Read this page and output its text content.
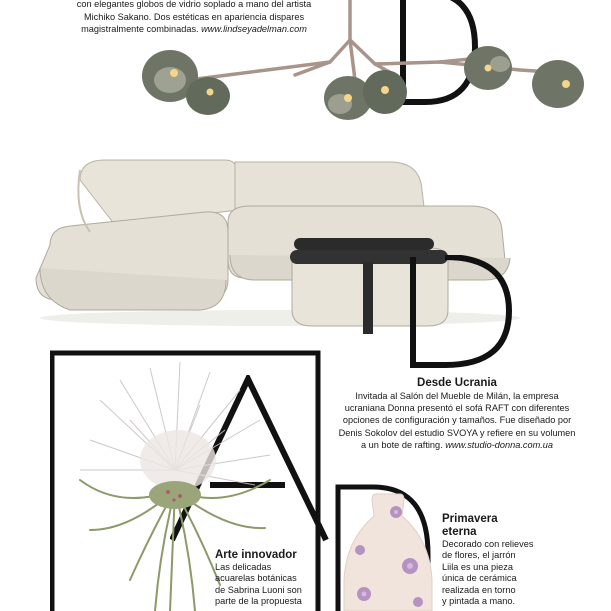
con elegantes globos de vidrio soplado a mano del artista
Michiko Sakano. Dos estéticas en apariencia dispares
magistralmente combinadas. www.lindseyadelman.com
Desde Ucrania
Invitada al Salón del Mueble de Milán, la empresa
ucraniana Donna presentó el sofá RAFT con diferentes
opciones de configuración y tamaños. Fue diseñado por
Denis Sokolov del estudio SVOYA y refiere en su volumen
a un bote de rafting. www.studio-donna.com.ua
Arte innovador
Las delicadas
acuarelas botánicas
de Sabrina Luoni son
parte de la propuesta
Primavera
eterna
Decorado con relieves
de flores, el jarrón
Liila es una pieza
única de cerámica
realizada en torno
y pintada a mano.
